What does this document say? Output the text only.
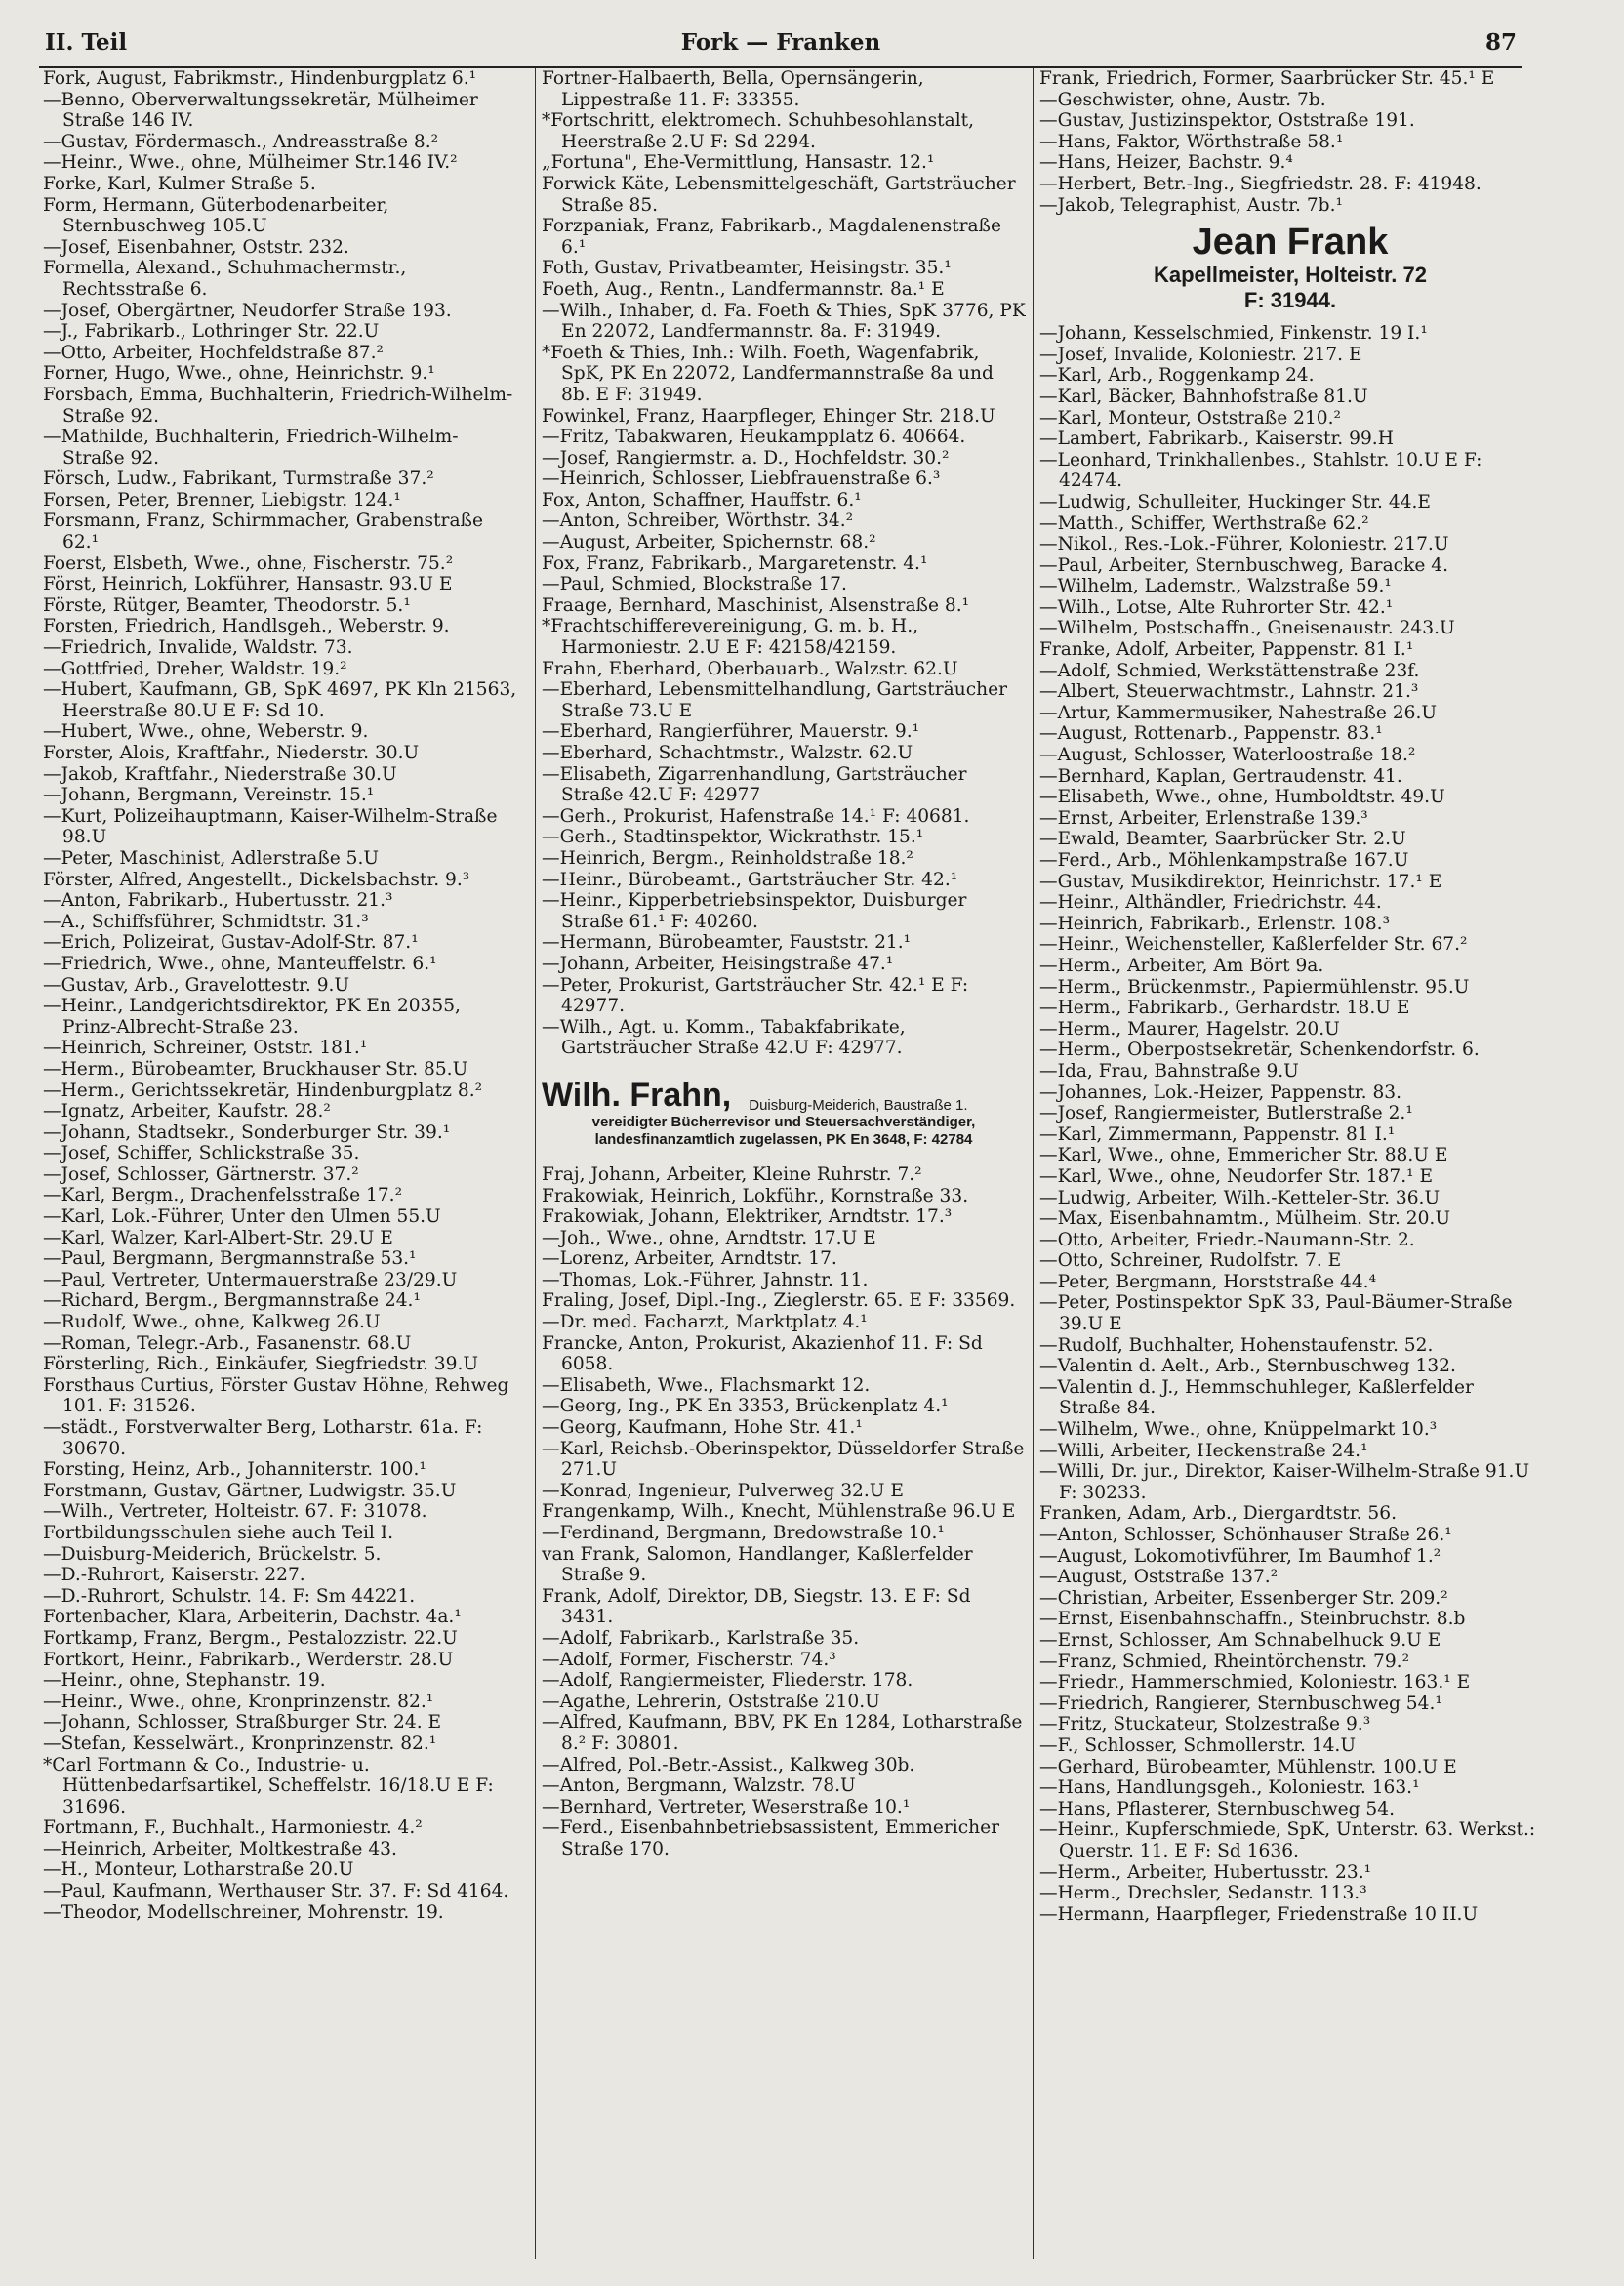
II. Teil	Fork — Franken	87
Fork, August, Fabrikmstr., Hindenburgplatz 6.¹
—Benno, Oberverwaltungssekretär, Mülheimer Straße 146 IV.
—Gustav, Fördermasch., Andreasstraße 8.²
—Heinr., Wwe., ohne, Mülheimer Str.146 IV.²
Forke, Karl, Kulmer Straße 5.
Form, Hermann, Güterbodenarbeiter, Sternbuschweg 105.U
—Josef, Eisenbahner, Oststr. 232.
Formella, Alexand., Schuhmachermstr., Rechtsstraße 6.
—Josef, Obergärtner, Neudorfer Straße 193.
—J., Fabrikarb., Lothringer Str. 22.U
—Otto, Arbeiter, Hochfeldstraße 87.²
Forner, Hugo, Wwe., ohne, Heinrichstr. 9.¹
Forsbach, Emma, Buchhalterin, Friedrich-Wilhelm-Straße 92.
—Mathilde, Buchhalterin, Friedrich-Wilhelm-Straße 92.
Försch, Ludw., Fabrikant, Turmstraße 37.²
Forsen, Peter, Brenner, Liebigstr. 124.¹
Forsmann, Franz, Schirmmacher, Grabenstraße 62.¹
Foerst, Elsbeth, Wwe., ohne, Fischerstr. 75.²
Först, Heinrich, Lokführer, Hansastr. 93.U E
Förste, Rütger, Beamter, Theodorstr. 5.¹
Forsten, Friedrich, Handlsgeh., Weberstr. 9.
—Friedrich, Invalide, Waldstr. 73.
—Gottfried, Dreher, Waldstr. 19.²
—Hubert, Kaufmann, GB, SpK 4697, PK Kln 21563, Heerstraße 80.U E F: Sd 10.
—Hubert, Wwe., ohne, Weberstr. 9.
Forster, Alois, Kraftfahr., Niederstr. 30.U
—Jakob, Kraftfahr., Niederstraße 30.U
—Johann, Bergmann, Vereinstr. 15.¹
—Kurt, Polizeihauptmann, Kaiser-Wilhelm-Straße 98.U
—Peter, Maschinist, Adlerstraße 5.U
Förster, Alfred, Angestellt., Dickelsbachstr. 9.³
—Anton, Fabrikarb., Hubertusstr. 21.³
—A., Schiffsführer, Schmidtstr. 31.³
—Erich, Polizeirat, Gustav-Adolf-Str. 87.¹
—Friedrich, Wwe., ohne, Manteuffelstr. 6.¹
—Gustav, Arb., Gravelottestr. 9.U
—Heinr., Landgerichtsdirektor, PK En 20355, Prinz-Albrecht-Straße 23.
—Heinrich, Schreiner, Oststr. 181.¹
—Herm., Bürobeamter, Bruckhauser Str. 85.U
—Herm., Gerichtssekretär, Hindenburgplatz 8.²
—Ignatz, Arbeiter, Kaufstr. 28.²
—Johann, Stadtsekr., Sonderburger Str. 39.¹
—Josef, Schiffer, Schlickstraße 35.
—Josef, Schlosser, Gärtnerstr. 37.²
—Karl, Bergm., Drachenfelsstraße 17.²
—Karl, Lok.-Führer, Unter den Ulmen 55.U
—Karl, Walzer, Karl-Albert-Str. 29.U E
—Paul, Bergmann, Bergmannstraße 53.¹
—Paul, Vertreter, Untermauerstraße 23/29.U
—Richard, Bergm., Bergmannstraße 24.¹
—Rudolf, Wwe., ohne, Kalkweg 26.U
—Roman, Telegr.-Arb., Fasanenstr. 68.U
Försterling, Rich., Einkäufer, Siegfriedstr. 39.U
Forsthaus Curtius, Förster Gustav Höhne, Rehweg 101. F: 31526.
—städt., Forstverwalter Berg, Lotharstr. 61a. F: 30670.
Forsting, Heinz, Arb., Johanniterstr. 100.¹
Forstmann, Gustav, Gärtner, Ludwigstr. 35.U
—Wilh., Vertreter, Holteistr. 67. F: 31078.
Fortbildungsschulen siehe auch Teil I.
—Duisburg-Meiderich, Brückelstr. 5.
—D.-Ruhrort, Kaiserstr. 227.
—D.-Ruhrort, Schulstr. 14. F: Sm 44221.
Fortenbacher, Klara, Arbeiterin, Dachstr. 4a.¹
Fortkamp, Franz, Bergm., Pestalozzistr. 22.U
Fortkort, Heinr., Fabrikarb., Werderstr. 28.U
—Heinr., ohne, Stephanstr. 19.
—Heinr., Wwe., ohne, Kronprinzenstr. 82.¹
—Johann, Schlosser, Straßburger Str. 24. E
—Stefan, Kesselwärt., Kronprinzenstr. 82.¹
*Carl Fortmann & Co., Industrie- u. Hüttenbedarfsartikel, Scheffelstr. 16/18.U E F: 31696.
Fortmann, F., Buchhalt., Harmoniestr. 4.²
—Heinrich, Arbeiter, Moltkestraße 43.
—H., Monteur, Lotharstraße 20.U
—Paul, Kaufmann, Werthauser Str. 37. F: Sd 4164.
—Theodor, Modellschreiner, Mohrenstr. 19.
Fortner-Halbaerth, Bella, Opernsängerin, Lippestraße 11. F: 33355.
*Fortschritt, elektromech. Schuhbesohlanstalt, Heerstraße 2.U F: Sd 2294.
„Fortuna", Ehe-Vermittlung, Hansastr. 12.¹
Forwick Käte, Lebensmittelgeschäft, Gartsträucher Straße 85.
Forzpaniak, Franz, Fabrikarb., Magdalenenstraße 6.¹
Foth, Gustav, Privatbeamter, Heisingstr. 35.¹
Foeth, Aug., Rentn., Landfermannstr. 8a.¹ E
—Wilh., Inhaber, d. Fa. Foeth & Thies, SpK 3776, PK En 22072, Landfermannstr. 8a. F: 31949.
*Foeth & Thies, Inh.: Wilh. Foeth, Wagenfabrik, SpK, PK En 22072, Landfermannstraße 8a und 8b. E F: 31949.
Fowinkel, Franz, Haarpfleger, Ehinger Str. 218.U
—Fritz, Tabakwaren, Heukampplatz 6. 40664.
—Josef, Rangiermstr. a. D., Hochfeldstr. 30.²
—Heinrich, Schlosser, Liebfrauenstraße 6.³
Fox, Anton, Schaffner, Hauffstr. 6.¹
—Anton, Schreiber, Wörthstr. 34.²
—August, Arbeiter, Spichernstr. 68.²
Fox, Franz, Fabrikarb., Margaretenstr. 4.¹
—Paul, Schmied, Blockstraße 17.
Fraage, Bernhard, Maschinist, Alsenstraße 8.¹
*Frachtschifferevereinigung, G. m. b. H., Harmoniestr. 2.U E F: 42158/42159.
Frahn, Eberhard, Oberbauarb., Walzstr. 62.U
—Eberhard, Lebensmittelhandlung, Gartsträucher Straße 73.U E
—Eberhard, Rangierführer, Mauerstr. 9.¹
—Eberhard, Schachtmstr., Walzstr. 62.U
—Elisabeth, Zigarrenhandlung, Gartsträucher Straße 42.U F: 42977
—Gerh., Prokurist, Hafenstraße 14.¹ F: 40681.
—Gerh., Stadtinspektor, Wickrathstr. 15.¹
—Heinrich, Bergm., Reinholdstraße 18.²
—Heinr., Bürobeamt., Gartsträucher Str. 42.¹
—Heinr., Kipperbetriebsinspektor, Duisburger Straße 61.¹ F: 40260.
—Hermann, Bürobeamter, Fauststr. 21.¹
—Johann, Arbeiter, Heisingstraße 47.¹
—Peter, Prokurist, Gartsträucher Str. 42.¹ E F: 42977.
—Wilh., Agt. u. Komm., Tabakfabrikate, Gartsträucher Straße 42.U F: 42977.
Wilh. Frahn, Duisburg-Meiderich, Baustraße 1.
vereidigter Bücherrevisor und Steuersachverständiger, landesfinanzamtlich zugelassen, PK En 3648, F: 42784
Fraj, Johann, Arbeiter, Kleine Ruhrstr. 7.²
Frakowiak, Heinrich, Lokführ., Kornstraße 33.
Frakowiak, Johann, Elektriker, Arndtstr. 17.³
—Joh., Wwe., ohne, Arndtstr. 17.U E
—Lorenz, Arbeiter, Arndtstr. 17.
—Thomas, Lok.-Führer, Jahnstr. 11.
Fraling, Josef, Dipl.-Ing., Zieglerstr. 65. E F: 33569.
—Dr. med. Facharzt, Marktplatz 4.¹
Francke, Anton, Prokurist, Akazienhof 11. F: Sd 6058.
—Elisabeth, Wwe., Flachsmarkt 12.
—Georg, Ing., PK En 3353, Brückenplatz 4.¹
—Georg, Kaufmann, Hohe Str. 41.¹
—Karl, Reichsb.-Oberinspektor, Düsseldorfer Straße 271.U
—Konrad, Ingenieur, Pulverweg 32.U E
Frangenkamp, Wilh., Knecht, Mühlenstraße 96.U E
—Ferdinand, Bergmann, Bredowstraße 10.¹
van Frank, Salomon, Handlanger, Kaßlerfelder Straße 9.
Frank, Adolf, Direktor, DB, Siegstr. 13. E F: Sd 3431.
—Adolf, Fabrikarb., Karlstraße 35.
—Adolf, Former, Fischerstr. 74.³
—Adolf, Rangiermeister, Fliederstr. 178.
—Agathe, Lehrerin, Oststraße 210.U
—Alfred, Kaufmann, BBV, PK En 1284, Lotharstraße 8.² F: 30801.
—Alfred, Pol.-Betr.-Assist., Kalkweg 30b.
—Anton, Bergmann, Walzstr. 78.U
—Bernhard, Vertreter, Weserstraße 10.¹
—Ferd., Eisenbahnbetriebsassistent, Emmericher Straße 170.
Frank, Friedrich, Former, Saarbrücker Str. 45.¹ E
—Geschwister, ohne, Austr. 7b.
—Gustav, Justizinspektor, Oststraße 191.
—Hans, Faktor, Wörthstraße 58.¹
—Hans, Heizer, Bachstr. 9.⁴
—Herbert, Betr.-Ing., Siegfriedstr. 28. F: 41948.
—Jakob, Telegraphist, Austr. 7b.¹
Jean Frank
Kapellmeister, Holteistr. 72
F: 31944.
—Johann, Kesselschmied, Finkenstr. 19 I.¹
—Josef, Invalide, Koloniestr. 217. E
—Karl, Arb., Roggenkamp 24.
—Karl, Bäcker, Bahnhofstraße 81.U
—Karl, Monteur, Oststraße 210.²
—Lambert, Fabrikarb., Kaiserstr. 99.H
—Leonhard, Trinkhallenbes., Stahlstr. 10.U E F: 42474.
—Ludwig, Schulleiter, Huckinger Str. 44.E
—Matth., Schiffer, Werthstraße 62.²
—Nikol., Res.-Lok.-Führer, Koloniestr. 217.U
—Paul, Arbeiter, Sternbuschweg, Baracke 4.
—Wilhelm, Lademstr., Walzstraße 59.¹
—Wilh., Lotse, Alte Ruhrorter Str. 42.¹
—Wilhelm, Postschaffn., Gneisenaustr. 243.U
Franke, Adolf, Arbeiter, Pappenstr. 81 I.¹
—Adolf, Schmied, Werkstättenstraße 23f.
—Albert, Steuerwachtmstr., Lahnstr. 21.³
—Artur, Kammermusiker, Nahestraße 26.U
—August, Rottenarb., Pappenstr. 83.¹
—August, Schlosser, Waterloostraße 18.²
—Bernhard, Kaplan, Gertraudenstr. 41.
—Elisabeth, Wwe., ohne, Humboldtstr. 49.U
—Ernst, Arbeiter, Erlenstraße 139.³
—Ewald, Beamter, Saarbrücker Str. 2.U
—Ferd., Arb., Möhlenkampstraße 167.U
—Gustav, Musikdirektor, Heinrichstr. 17.¹ E
—Heinr., Althändler, Friedrichstr. 44.
—Heinrich, Fabrikarb., Erlenstr. 108.³
—Heinr., Weichensteller, Kaßlerfelder Str. 67.²
—Herm., Arbeiter, Am Bört 9a.
—Herm., Brückenmstr., Papiermühlenstr. 95.U
—Herm., Fabrikarb., Gerhardstr. 18.U E
—Herm., Maurer, Hagelstr. 20.U
—Herm., Oberpostsekretär, Schenkendorfstr. 6.
—Ida, Frau, Bahnstraße 9.U
—Johannes, Lok.-Heizer, Pappenstr. 83.
—Josef, Rangiermeister, Butlerstraße 2.¹
—Karl, Zimmermann, Pappenstr. 81 I.¹
—Karl, Wwe., ohne, Emmericher Str. 88.U E
—Karl, Wwe., ohne, Neudorfer Str. 187.¹ E
—Ludwig, Arbeiter, Wilh.-Ketteler-Str. 36.U
—Max, Eisenbahnamtm., Mülheim. Str. 20.U
—Otto, Arbeiter, Friedr.-Naumann-Str. 2.
—Otto, Schreiner, Rudolfstr. 7. E
—Peter, Bergmann, Horststraße 44.⁴
—Peter, Postinspektor SpK 33, Paul-Bäumer-Straße 39.U E
—Rudolf, Buchhalter, Hohenstaufenstr. 52.
—Valentin d. Aelt., Arb., Sternbuschweg 132.
—Valentin d. J., Hemmschuhleger, Kaßlerfelder Straße 84.
—Wilhelm, Wwe., ohne, Knüppelmarkt 10.³
—Willi, Arbeiter, Heckenstraße 24.¹
—Willi, Dr. jur., Direktor, Kaiser-Wilhelm-Straße 91.U F: 30233.
Franken, Adam, Arb., Diergardtstr. 56.
—Anton, Schlosser, Schönhauser Straße 26.¹
—August, Lokomotivführer, Im Baumhof 1.²
—August, Oststraße 137.²
—Christian, Arbeiter, Essenberger Str. 209.²
—Ernst, Eisenbahnschaffn., Steinbruchstr. 8.b
—Ernst, Schlosser, Am Schnabelhuck 9.U E
—Franz, Schmied, Rheintörchenstr. 79.²
—Friedr., Hammerschmied, Koloniestr. 163.¹ E
—Friedrich, Rangierer, Sternbuschweg 54.¹
—Fritz, Stuckateur, Stolzestraße 9.³
—F., Schlosser, Schmollerstr. 14.U
—Gerhard, Bürobeamter, Mühlenstr. 100.U E
—Hans, Handlungsgeh., Koloniestr. 163.¹
—Hans, Pflasterer, Sternbuschweg 54.
—Heinr., Kupferschmiede, SpK, Unterstr. 63. Werkst.: Querstr. 11. E F: Sd 1636.
—Herm., Arbeiter, Hubertusstr. 23.¹
—Herm., Drechsler, Sedanstr. 113.³
—Hermann, Haarpfleger, Friedenstraße 10 II.U
